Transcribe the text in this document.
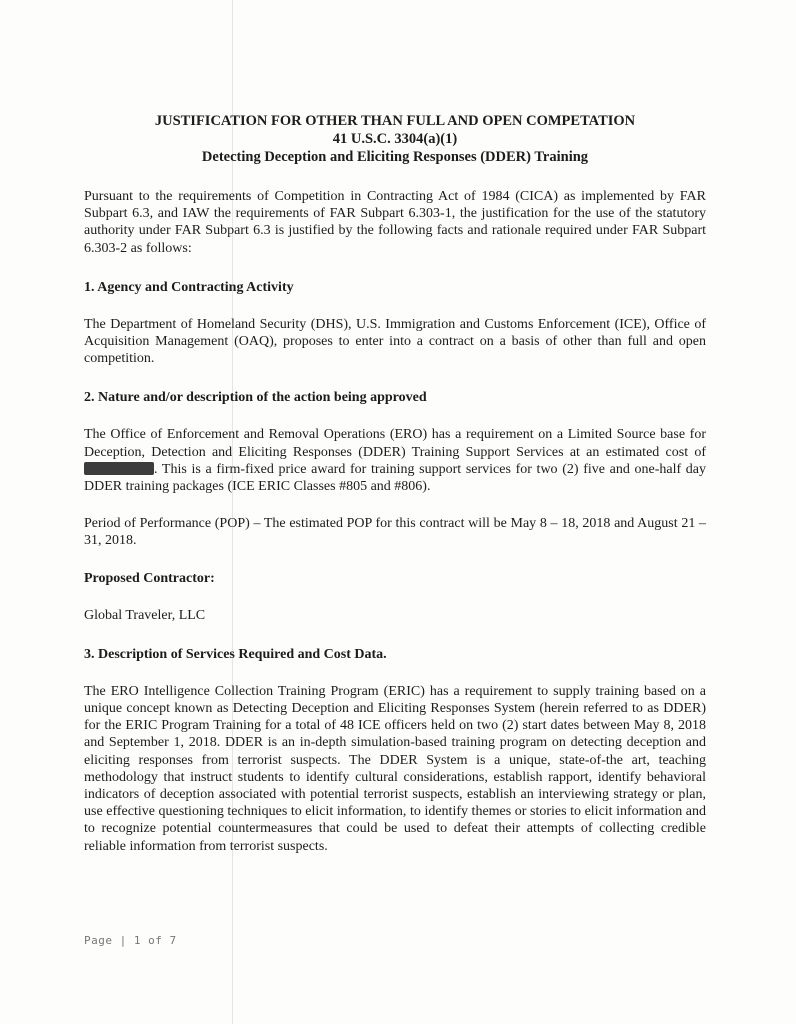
JUSTIFICATION FOR OTHER THAN FULL AND OPEN COMPETATION
41 U.S.C. 3304(a)(1)
Detecting Deception and Eliciting Responses (DDER) Training

Pursuant to the requirements of Competition in Contracting Act of 1984 (CICA) as implemented by FAR Subpart 6.3, and IAW the requirements of FAR Subpart 6.303-1, the justification for the use of the statutory authority under FAR Subpart 6.3 is justified by the following facts and rationale required under FAR Subpart 6.303-2 as follows:

1. Agency and Contracting Activity

The Department of Homeland Security (DHS), U.S. Immigration and Customs Enforcement (ICE), Office of Acquisition Management (OAQ), proposes to enter into a contract on a basis of other than full and open competition.

2. Nature and/or description of the action being approved

The Office of Enforcement and Removal Operations (ERO) has a requirement on a Limited Source base for Deception, Detection and Eliciting Responses (DDER) Training Support Services at an estimated cost of . This is a firm-fixed price award for training support services for two (2) five and one-half day DDER training packages (ICE ERIC Classes #805 and #806).

Period of Performance (POP) – The estimated POP for this contract will be May 8 – 18, 2018 and August 21 – 31, 2018.

Proposed Contractor:

Global Traveler, LLC

3. Description of Services Required and Cost Data.

The ERO Intelligence Collection Training Program (ERIC) has a requirement to supply training based on a unique concept known as Detecting Deception and Eliciting Responses System (herein referred to as DDER) for the ERIC Program Training for a total of 48 ICE officers held on two (2) start dates between May 8, 2018 and September 1, 2018. DDER is an in-depth simulation-based training program on detecting deception and eliciting responses from terrorist suspects. The DDER System is a unique, state-of-the art, teaching methodology that instruct students to identify cultural considerations, establish rapport, identify behavioral indicators of deception associated with potential terrorist suspects, establish an interviewing strategy or plan, use effective questioning techniques to elicit information, to identify themes or stories to elicit information and to recognize potential countermeasures that could be used to defeat their attempts of collecting credible reliable information from terrorist suspects.

Page | 1 of 7
